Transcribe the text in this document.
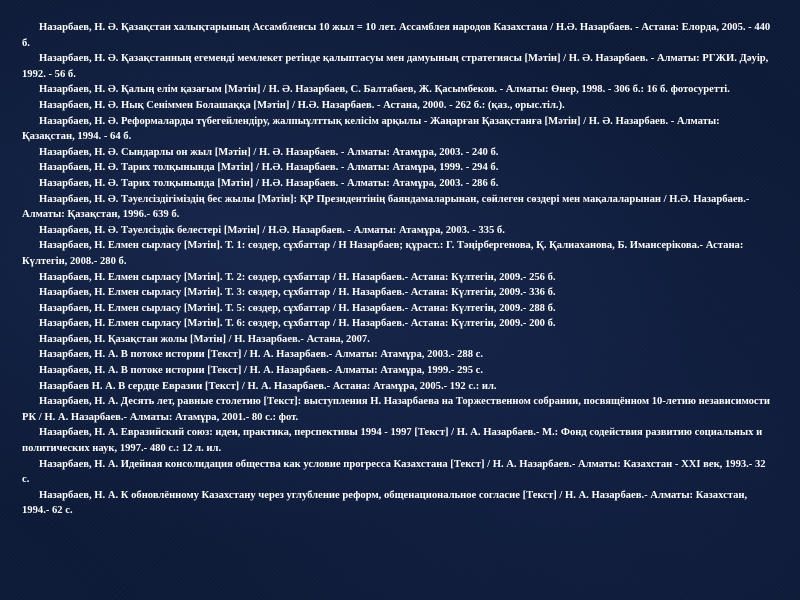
Назарбаев, Н. Ә. Қазақстан халықтарының Ассамблеясы 10 жыл = 10 лет. Ассамблея народов Казахстана / Н.Ә. Назарбаев. - Астана: Елорда, 2005. - 440 б.

Назарбаев, Н. Ә. Қазақстанның егемендi мемлекет ретiнде қалыптасуы мен дамуының стратегиясы [Мәтiн] / Н. Ә. Назарбаев. - Алматы: РГЖИ. Дәуiр, 1992. - 56 б.

Назарбаев, Н. Ә. Қалың елiм қазағым [Мәтiн] / Н. Ә. Назарбаев, С. Балтабаев, Ж. Қасымбеков. - Алматы: Өнер, 1998. - 306 б.: 16 б. фотосуреттi.

Назарбаев, Н. Ә. Нық Сенiммен Болашаққа [Мәтiн] / Н.Ә. Назарбаев. - Астана, 2000. - 262 б.: (қаз., орыс.тiл.).

Назарбаев, Н. Ә. Реформаларды түбегейлендiру, жалпыұлттық келiсiм арқылы - Жаңарған Қазақстанға [Мәтiн] / Н. Ә. Назарбаев. - Алматы: Қазақстан, 1994. - 64 б.

Назарбаев, Н. Ә. Сындарлы он жыл [Мәтiн] / Н. Ә. Назарбаев. - Алматы: Атамұра, 2003. - 240 б.

Назарбаев, Н. Ә. Тарих толқынында [Мәтiн] / Н.Ә. Назарбаев. - Алматы: Атамұра, 1999. - 294 б.

Назарбаев, Н. Ә. Тарих толқынында [Мәтiн] / Н.Ә. Назарбаев. - Алматы: Атамұра, 2003. - 286 б.

Назарбаев, Н. Ә. Тәуелсiздiгiмiздiң бес жылы [Мәтiн]: ҚР Президентiнiң баяндамаларынан, сөйлеген сөздерi мен мақалаларынан / Н.Ә. Назарбаев.- Алматы: Қазақстан, 1996.- 639 б.

Назарбаев, Н. Ә. Тәуелсiздiк белестерi [Мәтiн] / Н.Ә. Назарбаев. - Алматы: Атамұра, 2003. - 335 б.

Назарбаев, Н. Елмен сырласу [Мәтiн]. Т. 1: сөздер, сұхбаттар / Н Назарбаев; құраст.: Г. Тәңiрбергенова, Қ. Қалиаханова, Б. Имансерiкова.- Астана: Күлтегiн, 2008.- 280 б.

Назарбаев, Н. Елмен сырласу [Мәтiн]. Т. 2: сөздер, сұхбаттар / Н. Назарбаев.- Астана: Күлтегiн, 2009.- 256 б.

Назарбаев, Н. Елмен сырласу [Мәтiн]. Т. 3: сөздер, сұхбаттар / Н. Назарбаев.- Астана: Күлтегiн, 2009.- 336 б.

Назарбаев, Н. Елмен сырласу [Мәтiн]. Т. 5: сөздер, сұхбаттар / Н. Назарбаев.- Астана: Күлтегiн, 2009.- 288 б.

Назарбаев, Н. Елмен сырласу [Мәтiн]. Т. 6: сөздер, сұхбаттар / Н. Назарбаев.- Астана: Күлтегiн, 2009.- 200 б.

Назарбаев, Н. Қазақстан жолы [Мәтiн] / Н. Назарбаев.- Астана, 2007.

Назарбаев, Н. А. В потоке истории [Текст] / Н. А. Назарбаев.- Алматы: Атамұра, 2003.- 288 с.

Назарбаев, Н. А. В потоке истории [Текст] / Н. А. Назарбаев.- Алматы: Атамұра, 1999.- 295 с.

Назарбаев Н. А. В сердце Евразии [Текст] / Н. А. Назарбаев.- Астана: Атамұра, 2005.- 192 с.: ил.

Назарбаев, Н. А. Десять лет, равные столетию [Текст]: выступления Н. Назарбаева на Торжественном собрании, посвящённом 10-летию независимости РК / Н. А. Назарбаев.- Алматы: Атамұра, 2001.- 80 с.: фот.

Назарбаев, Н. А. Евразийский союз: идеи, практика, перспективы 1994 - 1997 [Текст] / Н. А. Назарбаев.- М.: Фонд содействия развитию социальных и политических наук, 1997.- 480 с.: 12 л. ил.

Назарбаев, Н. А. Идейная консолидация общества как условие прогресса Казахстана [Текст] / Н. А. Назарбаев.- Алматы: Казахстан - XXI век, 1993.- 32 с.

Назарбаев, Н. А. К обновлённому Казахстану через углубление реформ, общенациональное согласие [Текст] / Н. А. Назарбаев.- Алматы: Казахстан, 1994.- 62 с.
